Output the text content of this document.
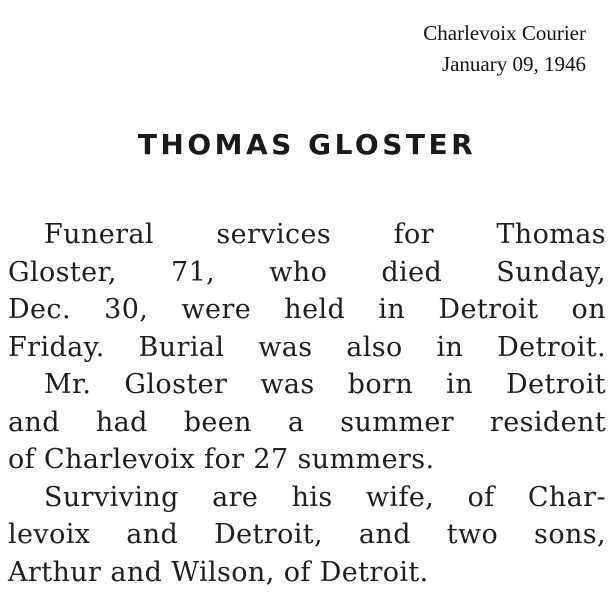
Charlevoix Courier
January 09, 1946
THOMAS GLOSTER
Funeral services for Thomas
Gloster, 71, who died Sunday,
Dec. 30, were held in Detroit on
Friday. Burial was also in Detroit.
Mr. Gloster was born in Detroit
and had been a summer resident
of Charlevoix for 27 summers.
Surviving are his wife, of Char-
levoix and Detroit, and two sons,
Arthur and Wilson, of Detroit.
